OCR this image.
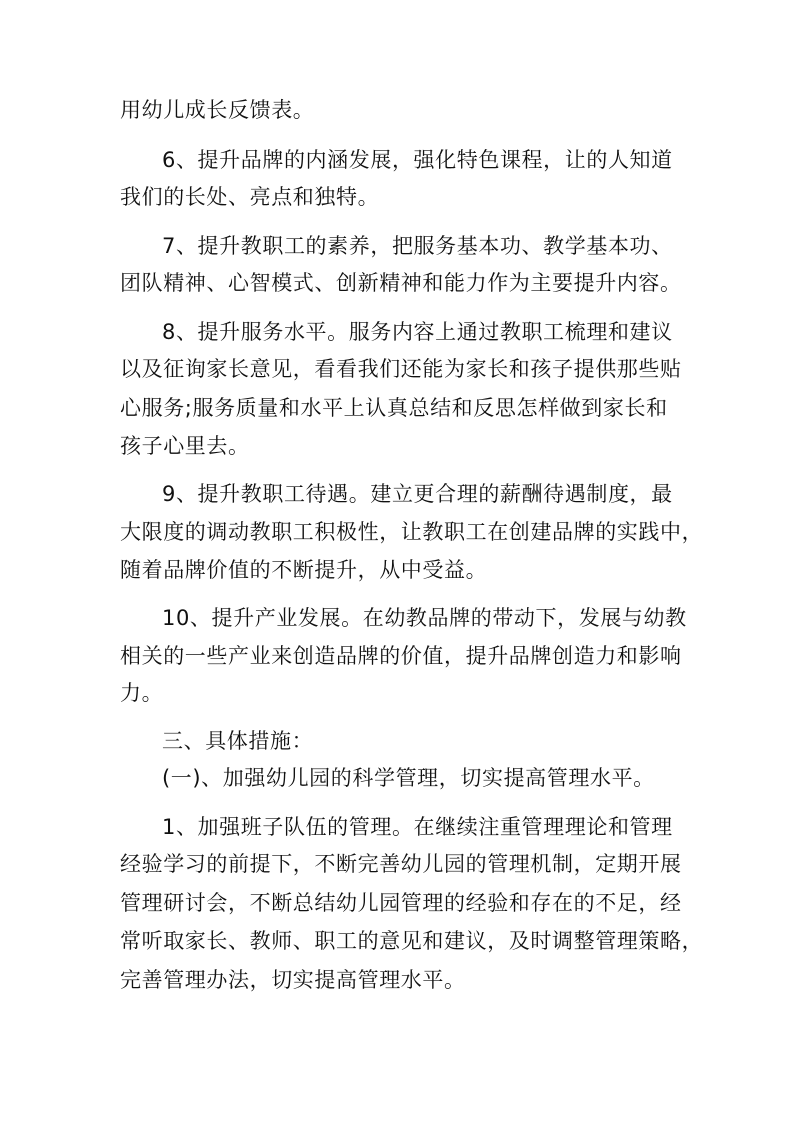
用幼儿成长反馈表。
6、提升品牌的内涵发展，强化特色课程，让的人知道
我们的长处、亮点和独特。
7、提升教职工的素养，把服务基本功、教学基本功、
团队精神、心智模式、创新精神和能力作为主要提升内容。
8、提升服务水平。服务内容上通过教职工梳理和建议
以及征询家长意见，看看我们还能为家长和孩子提供那些贴
心服务;服务质量和水平上认真总结和反思怎样做到家长和
孩子心里去。
9、提升教职工待遇。建立更合理的薪酬待遇制度，最
大限度的调动教职工积极性，让教职工在创建品牌的实践中，
随着品牌价值的不断提升，从中受益。
10、提升产业发展。在幼教品牌的带动下，发展与幼教
相关的一些产业来创造品牌的价值，提升品牌创造力和影响
力。
三、具体措施：
(一)、加强幼儿园的科学管理，切实提高管理水平。
1、加强班子队伍的管理。在继续注重管理理论和管理
经验学习的前提下，不断完善幼儿园的管理机制，定期开展
管理研讨会，不断总结幼儿园管理的经验和存在的不足，经
常听取家长、教师、职工的意见和建议，及时调整管理策略，
完善管理办法，切实提高管理水平。
